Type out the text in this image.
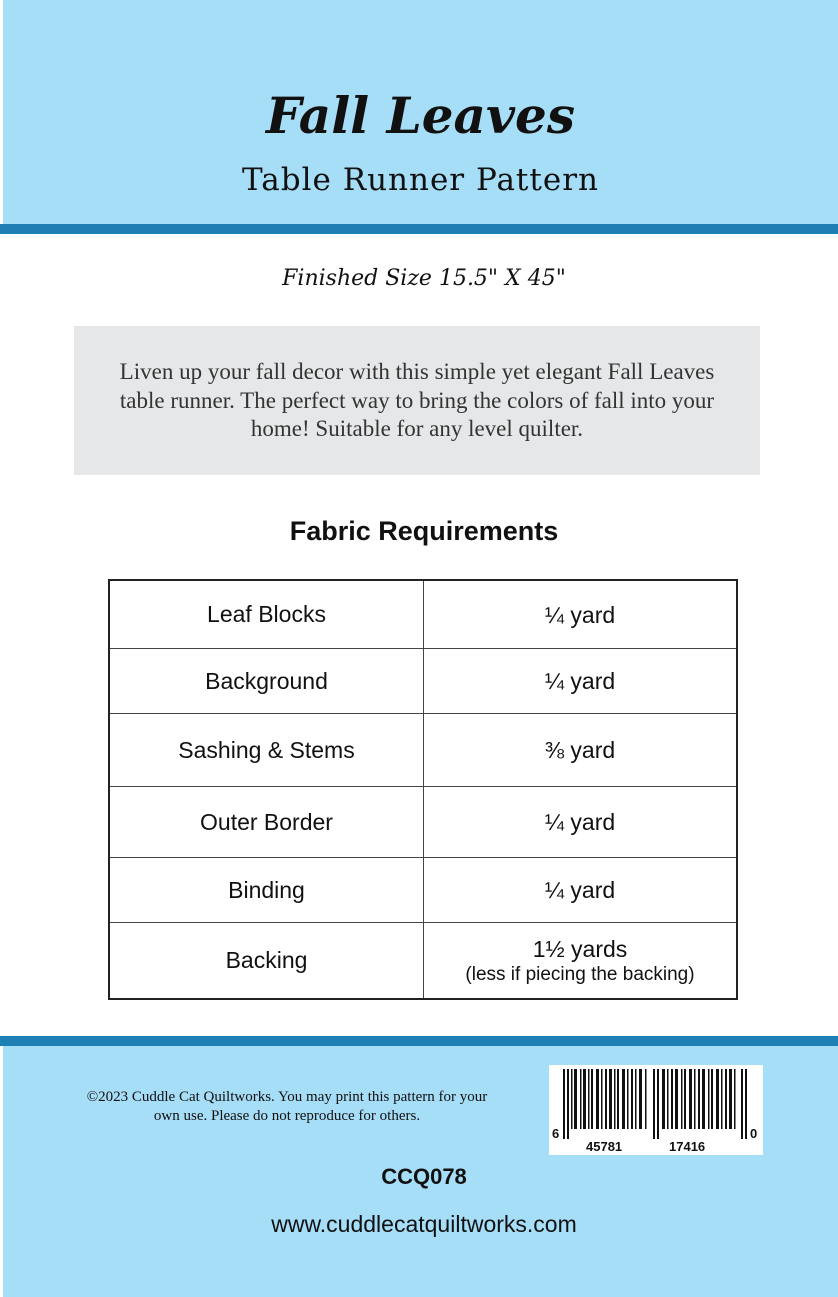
Fall Leaves
Table Runner Pattern
Finished Size 15.5" X 45"
Liven up your fall decor with this simple yet elegant Fall Leaves table runner. The perfect way to bring the colors of fall into your home! Suitable for any level quilter.
Fabric Requirements
Leaf Blocks	¼ yard
Background	¼ yard
Sashing & Stems	⅜ yard
Outer Border	¼ yard
Binding	¼ yard
Backing	1½ yards
(less if piecing the backing)
©2023 Cuddle Cat Quiltworks. You may print this pattern for your own use. Please do not reproduce for others.
6
45781	17416
0
CCQ078
www.cuddlecatquiltworks.com
